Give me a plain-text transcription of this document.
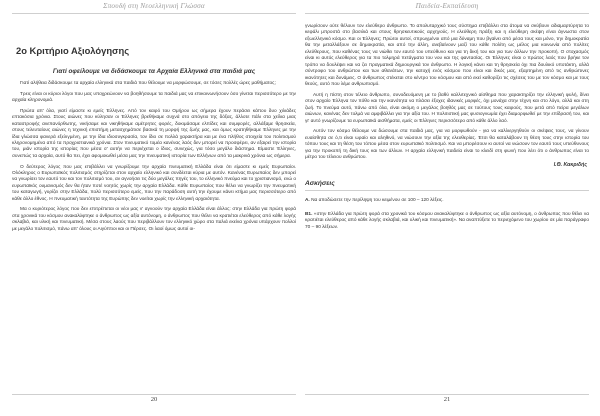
Σπουδή στη Νεοελληνική Γλώσσα
2ο Κριτήριο Αξιολόγησης
Γιατί οφείλουμε να διδάσκουμε τα Αρχαία Ελληνικά στα παιδιά μας

Γιατί αλήθεια διδάσκουμε τα αρχαία ελληνικά στα παιδιά που θέλουμε να μορφώσουμε, σε τόσες πολλές ώρες μαθήματος;

Τρεις είναι οι κύριοι λόγοι που μας υποχρεώνουν να βοηθήσουμε τα παιδιά μας να επικοινωνήσουν όσο γίνεται περισσότερο με την αρχαία κληρονομιά.

Πρώτα απ' όλα, γιατί είμαστε κι εμείς Έλληνες. Από τον καιρό του Ομήρου ως σήμερα έχουν περάσει κάπου δυο χιλιάδες επτακόσια χρόνια. Στους αιώνες που κύλησαν οι Έλληνες βρεθήκαμε συχνά στο απόγειο της δόξας, άλλοτε πάλι στα χείλια μιας καταστροφής ανεπανόρθωτης, νικήσαμε και νικηθήκαμε αμέτρητες φορές, δοκιμάσαμε ελπίδες και συμφορές, αλλάξαμε θρησκεία, στους τελευταίους αιώνες η τεχνική επιστήμη μετασχημάτισε βασικά τη μορφή της ζωής μας, και όμως κρατηθήκαμε Έλληνες με την ίδια γλώσσα φανερά εξελιγμένη, με την ίδια ιδιοσυγκρασία, τον ίδιο σε πολλά χαρακτήρα και με ένα πλήθος στοιχεία του πολιτισμού κληρονομημένα από τα προχριστιανικά χρόνια. Στον πνευματικό τομέα κανένας λαός δεν μπορεί να προσφέρει, αν εξαιρεί την ιστορία του, μιάν ιστορία της ιστορίας που μέσα σ' αυτήν να περιέχεται ο ίδιος, συνεχώς, για τόσο μεγάλο διάστημα. Είμαστε Έλληνες, συνεπώς τα αρχαία, αυτό θα πει, έχει αφομοιωθεί μέσα μας την πνευματική ιστορία των Ελλήνων από τα μακρινά χρόνια ως σήμερα.

Ο δεύτερος λόγος που μας επιβάλλει να γνωρίζουμε την αρχαία πνευματική Ελλάδα είναι ότι είμαστε κι εμείς Ευρωπαίοι. Ολόκληρος ο Ευρωπαϊκός πολιτισμός στηρίζεται στον αρχαίο ελληνικό και συνδέεται κύρια με αυτόν. Κανένας Ευρωπαίος δεν μπορεί να γνωρίσει τον εαυτό του και τον πολιτισμό του, αν αγνοήσει τις δύο μεγάλες πηγές του, το ελληνικό πνεύμα και το χριστιανισμό, ενώ ο ευρωπαϊκός ουμανισμός δεν θα ήταν ποτέ νοητός χωρίς την αρχαία Ελλάδα. Κάθε Ευρωπαίος που θέλει να γνωρίζει την πνευματική του καταγωγή, γυρίζει στην Ελλάδα, πολύ περισσότερο εμείς, που την παράδοση αυτή την έχουμε κάνει κτήμα μας περισσότερο από κάθε άλλο έθνος. Η πνευματική ταυτότητα της Ευρώπης δεν νοείται χωρίς την ελληνική αρχαιότητα.

Μα ο κυριότερος λόγος που δεν επιτρέπεται οι νέοι μας ν' αγνοούν την αρχαία Ελλάδα είναι άλλος: στην Ελλάδα για πρώτη φορά στα χρονικά του κόσμου ανακαλύφτηκε ο άνθρωπος ως αξία αυτόνομη, ο άνθρωπος που θέλει να κρατιέται ελεύθερος από κάθε λογής σκλαβιά, και υλική και πνευματική. Μέσα στους λαούς που περιβάλλουν τον ελληνικό χώρο στα παλιά εκείνα χρόνια υπάρχουν πολλοί με μεγάλο πολιτισμό, πάνω απ' όλους οι Αιγύπτιοι και οι Πέρσες. Οι λαοί όμως αυτοί οι-

20
Παιδεία-Εκπαίδευση

γνωρίσουν ούτε θέλουν τον ελεύθερο άνθρωπο. Το απολυταρχικό τους σύστημα επιβάλλει στα άτομα να σκύβουν αδιαμαρτύρητα το κεφάλι μπροστά στο βασιλιά και στους θρησκευτικούς αρχηγούς. Η ελεύθερη πράξη και η ελεύθερη σκέψη είναι άγνωστα στον εξωελληνικό κόσμο. Και οι Έλληνες; Πρώτοι αυτοί, σπρωγμένοι από μια δύναμη που βγαίνει από μέσα τους και μόνο, την δημοκρατία θα την μεταλλάξουν σε δημοκρατία, και από την άλλη, ανεβαίνουν μαζί του κάθε πολίτη ως μέλος μια κοινωνία από πολίτες ελεύθερους, που καθένας τους να νιώθει τον εαυτό του υπεύθυνο και για τη δική του και για των άλλων την προκοπή. Ο στοχασμός είναι κι αυτός ελεύθερος για τα πιο τολμηρά πετάγματα του νου και της φαντασίας. Οι Έλληνες είναι ο πρώτος λαός που βρήκε τον τρόπο να δουλέψει και να ζει πραγματικά δημιουργικά τον άνθρωπο. Η λογική κάνει και τη θρησκεία όχι πια δουλικό υποτάκτη, αλλά σύντροφο του ανθρώπου και των αθανάτων, την κατοχή ενός κόσμου που είναι και δικός μας, εξαρτημένη από τις ανθρώπινες ικανότητες και δυνάμεις. Ο άνθρωπος στέκεται στο κέντρο του κόσμου και από εκεί καθορίζει τις σχέσεις του με τον κόσμο και με τους θεούς, αυτό που λέμε ανθρωπισμό.

Αυτή η πίστη στον τέλειο άνθρωπο, συνοδευόμενη με το βαθύ καλλιτεχνικό αίσθημα που χαρακτηρίζει την ελληνική φυλή, δίνει στον αρχαίο Έλληνα τον πόθο και την ικανότητα να πλάσει έξοχες ιδανικές μορφές, όχι μονάχα στην τέχνη και στο λόγο, αλλά και στη ζωή. Το πνεύμα αυτό, πάνω από όλα, είναι ακόμη ο μεγάλος βοηθός μας σε τούτους τους καιρούς, που μετά από πείρα μεγάλων αιώνων, κανένας δεν τολμά να αμφιβάλλει για την αξία του. Η πολιτιστική μας φυσιογνωμία έχει διαμορφωθεί με την επίδρασή του, και γι' αυτό γνωρίζουμε τα ευρωπαϊκά αισθήματα, εμείς οι Έλληνες περισσότερο από κάθε άλλο λαό.

Αυτόν τον κόσμο θέλουμε να δώσουμε στα παιδιά μας, για να μορφωθούν - για να καλλιεργηθούν οι σκέψεις τους, να γίνουν ευαίσθητα σε ό,τι είναι ωραίο και αληθινό, να νιώσουν την αξία της ελευθερίας. Έτσι θα καταλάβουν τη θέση τους στην ιστορία του τόπου τους και τη θέση του τόπου μέσα στον ευρωπαϊκό πολιτισμό. Και να μπορέσουν κι αυτοί να νιώσουν τον εαυτό τους υπεύθυνους για την προκοπή τη δική τους και των άλλων. Η αρχαία ελληνική παιδεία είναι το κλειδί στη φωνή που λέει ότι ο άνθρωπος είναι το μέτρο του τέλειου ανθρώπου.

Ι.Θ. Κακριδής
Ασκήσεις

Α. Να αποδώσετε την περίληψη του κειμένου σε 100 – 120 λέξεις.

Β1. «στην Ελλάδα για πρώτη φορά στα χρονικά του κόσμου ανακαλύφτηκε ο άνθρωπος ως αξία αυτόνομη, ο άνθρωπος που θέλει να κρατιέται ελεύθερος από κάθε λογής σκλαβιά, και υλική και πνευματική». Να αναπτύξετε το περιεχόμενο του χωρίου σε μία παράγραφο 70 – 90 λέξεων.

21
